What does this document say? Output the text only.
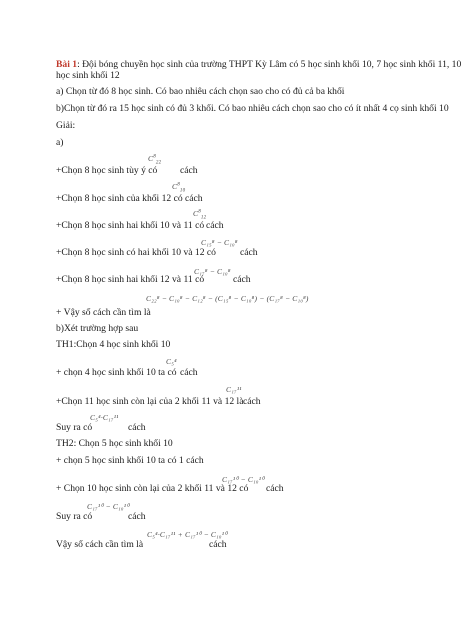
Bài 1: Đội bóng chuyền học sinh của trường THPT Kỳ Lâm có 5 học sinh khối 10, 7 học sinh khối 11, 10
học sinh khối 12
a) Chọn từ đó 8 học sinh. Có bao nhiêu cách chọn sao cho có đủ cả ba khối
b)Chọn từ đó ra 15 học sinh có đủ 3 khối. Có bao nhiêu cách chọn sao cho có ít nhất 4 cọ sinh khối 10
Giải:
a)
+Chọn 8 học sinh tùy ý có
$C^8_{22}$
cách
+Chọn 8 học sinh của khối 12 có
$C^8_{10}$
cách
+Chọn 8 học sinh hai khối 10 và 11 có
$C^8_{12}$
cách
+Chọn 8 học sinh có hai khối 10 và 12 có
C₁₅⁸ − C₁₀⁸
cách
+Chọn 8 học sinh hai khối 12 và 11 có
C₁₇⁸ − C₁₀⁸
cách
+ Vậy số cách cần tìm là
C₂₂⁸ − C₁₀⁸ − C₁₂⁸ − (C₁₅⁸ − C₁₀⁸) − (C₁₇⁸ − C₁₀⁸)
b)Xét trường hợp sau
TH1:Chọn 4 học sinh khối 10
+ chọn 4 học sinh khối 10 ta có
C₅⁴
cách
+Chọn 11 học sinh còn lại của 2 khối 11 và 12 là
C₁₇¹¹
cách
Suy ra có
C₅⁴·C₁₇¹¹
cách
TH2: Chọn 5 học sinh khối 10
+ chọn 5 học sinh khối 10 ta có 1 cách
+ Chọn 10 học sinh còn lại của 2 khối 11 và 12 có
C₁₇¹⁰ − C₁₀¹⁰
cách
Suy ra có
C₁₇¹⁰ − C₁₀¹⁰
cách
Vậy số cách cần tìm là
C₅⁴·C₁₇¹¹ + C₁₇¹⁰ − C₁₀¹⁰
cách
